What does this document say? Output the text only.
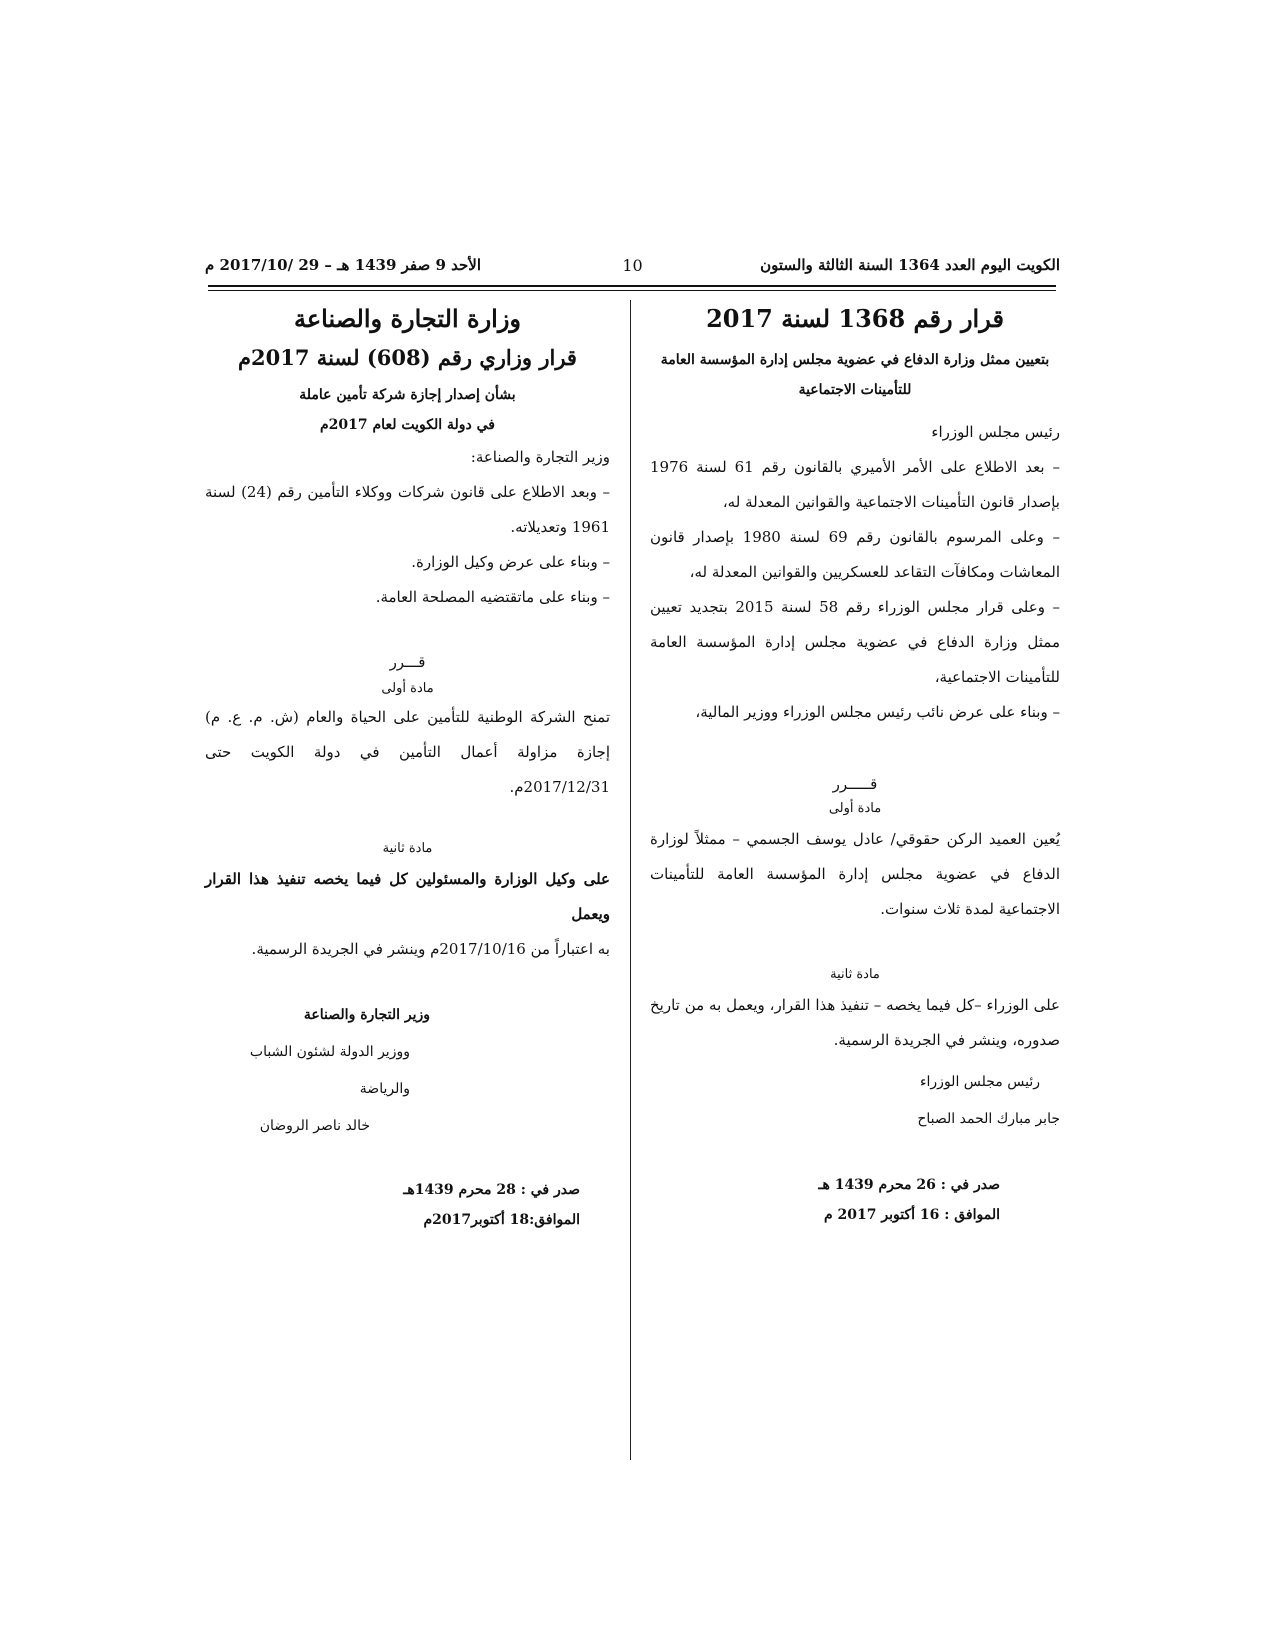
الكويت اليوم العدد 1364 السنة الثالثة والستون
10
الأحد 9 صفر 1439 هـ – 29 /2017/10 م
قرار رقم 1368 لسنة 2017

بتعيين ممثل وزارة الدفاع في عضوية مجلس إدارة المؤسسة العامة

للتأمينات الاجتماعية

رئيس مجلس الوزراء

– بعد الاطلاع على الأمر الأميري بالقانون رقم 61 لسنة 1976 بإصدار قانون التأمينات الاجتماعية والقوانين المعدلة له،

– وعلى المرسوم بالقانون رقم 69 لسنة 1980 بإصدار قانون المعاشات ومكافآت التقاعد للعسكريين والقوانين المعدلة له،

– وعلى قرار مجلس الوزراء رقم 58 لسنة 2015 بتجديد تعيين ممثل وزارة الدفاع في عضوية مجلس إدارة المؤسسة العامة للتأمينات الاجتماعية،

– وبناء على عرض نائب رئيس مجلس الوزراء ووزير المالية،

قـــــرر

مادة أولى

يُعين العميد الركن حقوقي/ عادل يوسف الجسمي – ممثلاً لوزارة الدفاع في عضوية مجلس إدارة المؤسسة العامة للتأمينات الاجتماعية لمدة ثلاث سنوات.

مادة ثانية

على الوزراء –كل فيما يخصه – تنفيذ هذا القرار، ويعمل به من تاريخ صدوره، وينشر في الجريدة الرسمية.

رئيس مجلس الوزراء

جابر مبارك الحمد الصباح

صدر في : 26 محرم 1439 هـ

الموافق : 16 أكتوبر 2017 م

وزارة التجارة والصناعة
قرار وزاري رقم (608) لسنة 2017م

بشأن إصدار إجازة شركة تأمين عاملة

في دولة الكويت لعام 2017م

وزير التجارة والصناعة:

– وبعد الاطلاع على قانون شركات ووكلاء التأمين رقم (24) لسنة 1961 وتعديلاته.

– وبناء على عرض وكيل الوزارة.

– وبناء على ماتقتضيه المصلحة العامة.

قـــرر

مادة أولى

تمنح الشركة الوطنية للتأمين على الحياة والعام (ش. م. ع. م) إجازة مزاولة أعمال التأمين في دولة الكويت حتى 2017/12/31م.

مادة ثانية

على وكيل الوزارة والمسئولين كل فيما يخصه تنفيذ هذا القرار ويعمل

به اعتباراً من 2017/10/16م وينشر في الجريدة الرسمية.

وزير التجارة والصناعة

ووزير الدولة لشئون الشباب والرياضة

خالد ناصر الروضان

صدر في : 28 محرم 1439هـ

الموافق:18 أكتوبر2017م
